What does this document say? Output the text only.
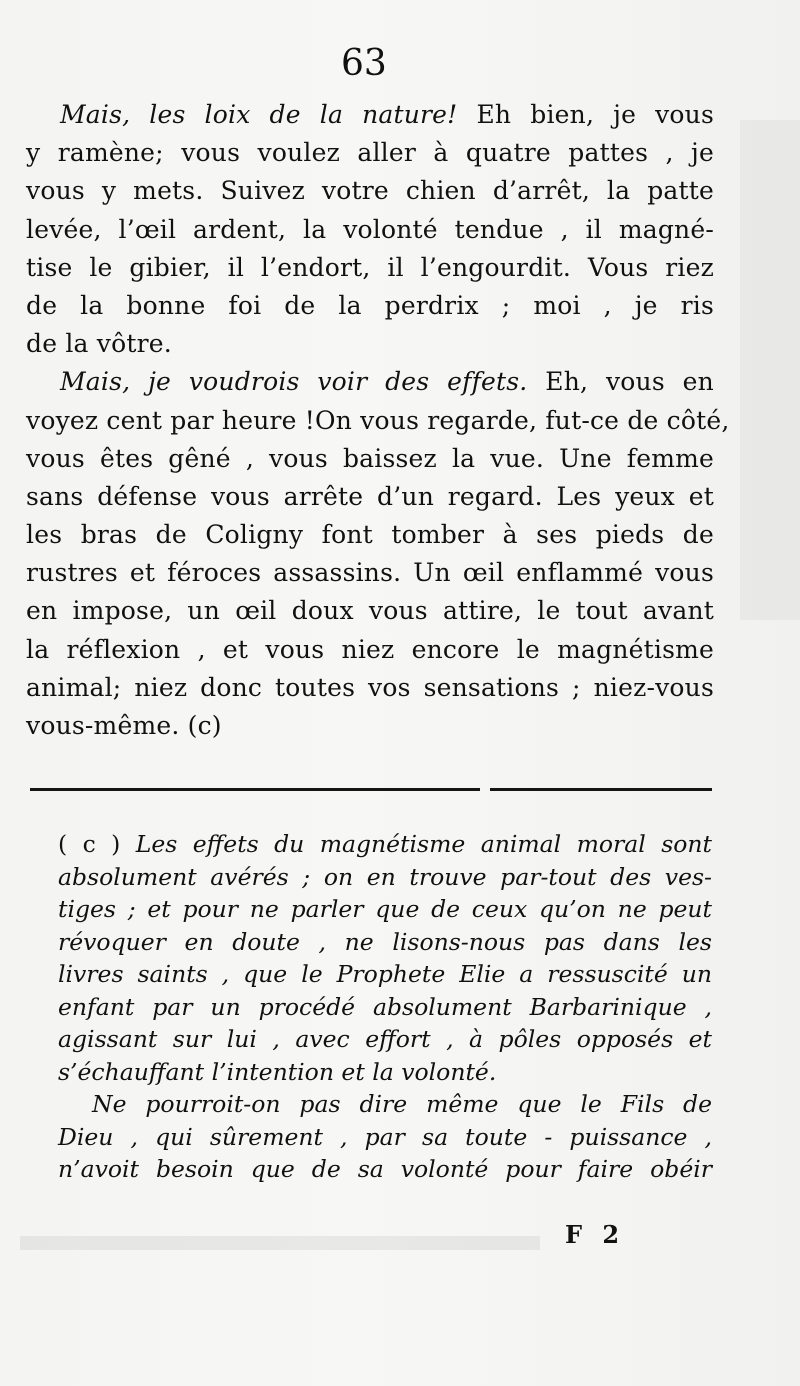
63
Mais, les loix de la nature! Eh bien, je vous
y ramène; vous voulez aller à quatre pattes , je
vous y mets. Suivez votre chien d’arrêt, la patte
levée, l’œil ardent, la volonté tendue , il magné-
tise le gibier, il l’endort, il l’engourdit. Vous riez
de la bonne foi de la perdrix ; moi , je ris
de la vôtre.
Mais, je voudrois voir des effets. Eh, vous en
voyez cent par heure !On vous regarde, fut-ce de côté,
vous êtes gêné , vous baissez la vue. Une femme
sans défense vous arrête d’un regard. Les yeux et
les bras de Coligny font tomber à ses pieds de
rustres et féroces assassins. Un œil enflammé vous
en impose, un œil doux vous attire, le tout avant
la réflexion , et vous niez encore le magnétisme
animal; niez donc toutes vos sensations ; niez-vous
vous-même. (c)
( c ) Les effets du magnétisme animal moral sont
absolument avérés ; on en trouve par-tout des ves-
tiges ; et pour ne parler que de ceux qu’on ne peut
révoquer en doute , ne lisons-nous pas dans les
livres saints , que le Prophete Elie a ressuscité un
enfant par un procédé absolument Barbarinique ,
agissant sur lui , avec effort , à pôles opposés et
s’échauffant l’intention et la volonté.
Ne pourroit-on pas dire même que le Fils de
Dieu , qui sûrement , par sa toute - puissance ,
n’avoit besoin que de sa volonté pour faire obéir
F 2
